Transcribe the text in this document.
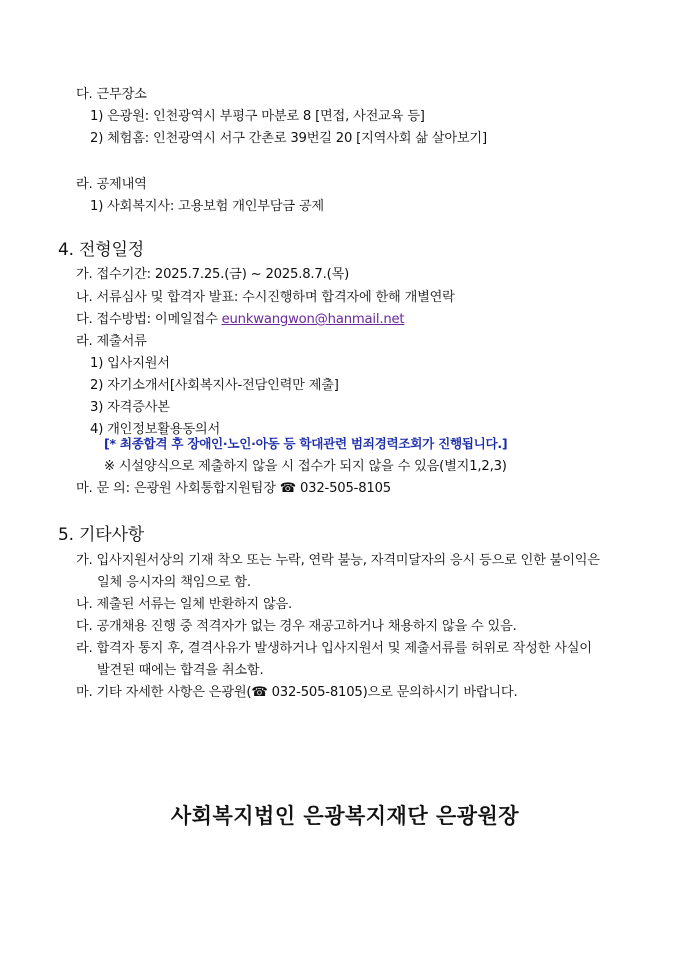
다. 근무장소
1) 은광원: 인천광역시 부평구 마분로 8 [면접, 사전교육 등]
2) 체험홈: 인천광역시 서구 간촌로 39번길 20 [지역사회 삶 살아보기]
라. 공제내역
1) 사회복지사: 고용보험 개인부담금 공제
4. 전형일정
가. 접수기간: 2025.7.25.(금) ~ 2025.8.7.(목)
나. 서류심사 및 합격자 발표: 수시진행하며 합격자에 한해 개별연락
다. 접수방법: 이메일접수 eunkwangwon@hanmail.net
라. 제출서류
1) 입사지원서
2) 자기소개서[사회복지사-전담인력만 제출]
3) 자격증사본
4) 개인정보활용동의서
[* 최종합격 후 장애인·노인·아동 등 학대관련 범죄경력조회가 진행됩니다.]
※ 시설양식으로 제출하지 않을 시 접수가 되지 않을 수 있음(별지1,2,3)
마. 문 의: 은광원 사회통합지원팀장 ☎ 032-505-8105
5. 기타사항
가. 입사지원서상의 기재 착오 또는 누락, 연락 불능, 자격미달자의 응시 등으로 인한 불이익은
일체 응시자의 책임으로 함.
나. 제출된 서류는 일체 반환하지 않음.
다. 공개채용 진행 중 적격자가 없는 경우 재공고하거나 채용하지 않을 수 있음.
라. 합격자 통지 후, 결격사유가 발생하거나 입사지원서 및 제출서류를 허위로 작성한 사실이
발견된 때에는 합격을 취소함.
마. 기타 자세한 사항은 은광원(☎ 032-505-8105)으로 문의하시기 바랍니다.
사회복지법인 은광복지재단 은광원장
